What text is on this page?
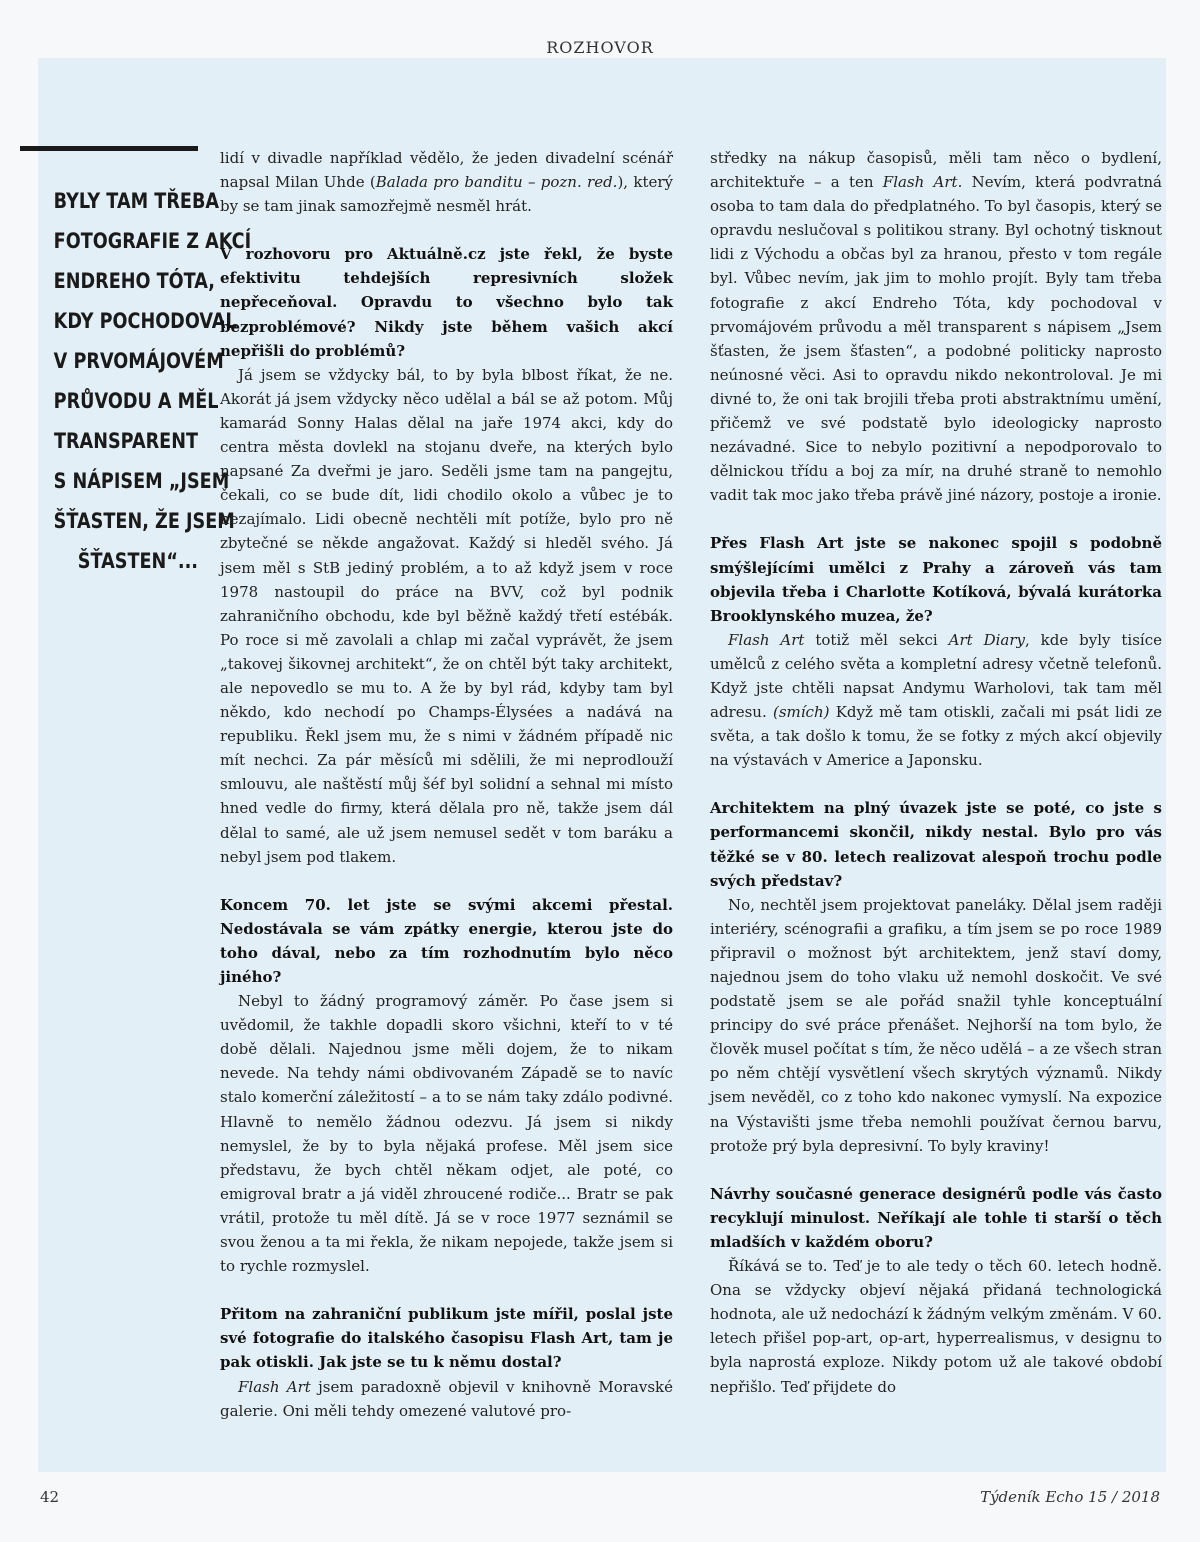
ROZHOVOR
BYLY TAM TŘEBA
FOTOGRAFIE Z AKCÍ
ENDREHO TÓTA,
KDY POCHODOVAL
V PRVOMÁJOVÉM
PRŮVODU A MĚL
TRANSPARENT
S NÁPISEM „JSEM
ŠŤASTEN, ŽE JSEM
ŠŤASTEN“...

lidí v divadle například vědělo, že jeden divadelní scénář napsal Milan Uhde (Balada pro banditu – pozn. red.), který by se tam jinak samozřejmě nesměl hrát.

V rozhovoru pro Aktuálně.cz jste řekl, že byste efektivitu tehdejších represivních složek nepřeceňoval. Opravdu to všechno bylo tak bezproblémové? Nikdy jste během vašich akcí nepřišli do problémů?

Já jsem se vždycky bál, to by byla blbost říkat, že ne. Akorát já jsem vždycky něco udělal a bál se až potom. Můj kamarád Sonny Halas dělal na jaře 1974 akci, kdy do centra města dovlekl na stojanu dveře, na kterých bylo napsané Za dveřmi je jaro. Seděli jsme tam na pangejtu, čekali, co se bude dít, lidi chodilo okolo a vůbec je to nezajímalo. Lidi obecně nechtěli mít potíže, bylo pro ně zbytečné se někde angažovat. Každý si hleděl svého. Já jsem měl s StB jediný problém, a to až když jsem v roce 1978 nastoupil do práce na BVV, což byl podnik zahraničního obchodu, kde byl běžně každý třetí estébák. Po roce si mě zavolali a chlap mi začal vyprávět, že jsem „takovej šikovnej architekt“, že on chtěl být taky architekt, ale nepovedlo se mu to. A že by byl rád, kdyby tam byl někdo, kdo nechodí po Champs-Élysées a nadává na republiku. Řekl jsem mu, že s nimi v žádném případě nic mít nechci. Za pár měsíců mi sdělili, že mi neprodlouží smlouvu, ale naštěstí můj šéf byl solidní a sehnal mi místo hned vedle do firmy, která dělala pro ně, takže jsem dál dělal to samé, ale už jsem nemusel sedět v tom baráku a nebyl jsem pod tlakem.

Koncem 70. let jste se svými akcemi přestal. Nedostávala se vám zpátky energie, kterou jste do toho dával, nebo za tím rozhodnutím bylo něco jiného?

Nebyl to žádný programový záměr. Po čase jsem si uvědomil, že takhle dopadli skoro všichni, kteří to v té době dělali. Najednou jsme měli dojem, že to nikam nevede. Na tehdy námi obdivovaném Západě se to navíc stalo komerční záležitostí – a to se nám taky zdálo podivné. Hlavně to nemělo žádnou odezvu. Já jsem si nikdy nemyslel, že by to byla nějaká profese. Měl jsem sice představu, že bych chtěl někam odjet, ale poté, co emigroval bratr a já viděl zhroucené rodiče... Bratr se pak vrátil, protože tu měl dítě. Já se v roce 1977 seznámil se svou ženou a ta mi řekla, že nikam nepojede, takže jsem si to rychle rozmyslel.

Přitom na zahraniční publikum jste mířil, poslal jste své fotografie do italského časopisu Flash Art, tam je pak otiskli. Jak jste se tu k němu dostal?

Flash Art jsem paradoxně objevil v knihovně Moravské galerie. Oni měli tehdy omezené valutové pro-

středky na nákup časopisů, měli tam něco o bydlení, architektuře – a ten Flash Art. Nevím, která podvratná osoba to tam dala do předplatného. To byl časopis, který se opravdu neslučoval s politikou strany. Byl ochotný tisknout lidi z Východu a občas byl za hranou, přesto v tom regále byl. Vůbec nevím, jak jim to mohlo projít. Byly tam třeba fotografie z akcí Endreho Tóta, kdy pochodoval v prvomájovém průvodu a měl transparent s nápisem „Jsem šťasten, že jsem šťasten“, a podobné politicky naprosto neúnosné věci. Asi to opravdu nikdo nekontroloval. Je mi divné to, že oni tak brojili třeba proti abstraktnímu umění, přičemž ve své podstatě bylo ideologicky naprosto nezávadné. Sice to nebylo pozitivní a nepodporovalo to dělnickou třídu a boj za mír, na druhé straně to nemohlo vadit tak moc jako třeba právě jiné názory, postoje a ironie.

Přes Flash Art jste se nakonec spojil s podobně smýšlejícími umělci z Prahy a zároveň vás tam objevila třeba i Charlotte Kotíková, bývalá kurátorka Brooklynského muzea, že?

Flash Art totiž měl sekci Art Diary, kde byly tisíce umělců z celého světa a kompletní adresy včetně telefonů. Když jste chtěli napsat Andymu Warholovi, tak tam měl adresu. (smích) Když mě tam otiskli, začali mi psát lidi ze světa, a tak došlo k tomu, že se fotky z mých akcí objevily na výstavách v Americe a Japonsku.

Architektem na plný úvazek jste se poté, co jste s performancemi skončil, nikdy nestal. Bylo pro vás těžké se v 80. letech realizovat alespoň trochu podle svých představ?

No, nechtěl jsem projektovat paneláky. Dělal jsem raději interiéry, scénografii a grafiku, a tím jsem se po roce 1989 připravil o možnost být architektem, jenž staví domy, najednou jsem do toho vlaku už nemohl doskočit. Ve své podstatě jsem se ale pořád snažil tyhle konceptuální principy do své práce přenášet. Nejhorší na tom bylo, že člověk musel počítat s tím, že něco udělá – a ze všech stran po něm chtějí vysvětlení všech skrytých významů. Nikdy jsem nevěděl, co z toho kdo nakonec vymyslí. Na expozice na Výstavišti jsme třeba nemohli používat černou barvu, protože prý byla depresivní. To byly kraviny!

Návrhy současné generace designérů podle vás často recyklují minulost. Neříkají ale tohle ti starší o těch mladších v každém oboru?

Říkává se to. Teď je to ale tedy o těch 60. letech hodně. Ona se vždycky objeví nějaká přidaná technologická hodnota, ale už nedochází k žádným velkým změnám. V 60. letech přišel pop-art, op-art, hyperrealismus, v designu to byla naprostá exploze. Nikdy potom už ale takové období nepřišlo. Teď přijdete do

42	Týdeník Echo 15 / 2018
